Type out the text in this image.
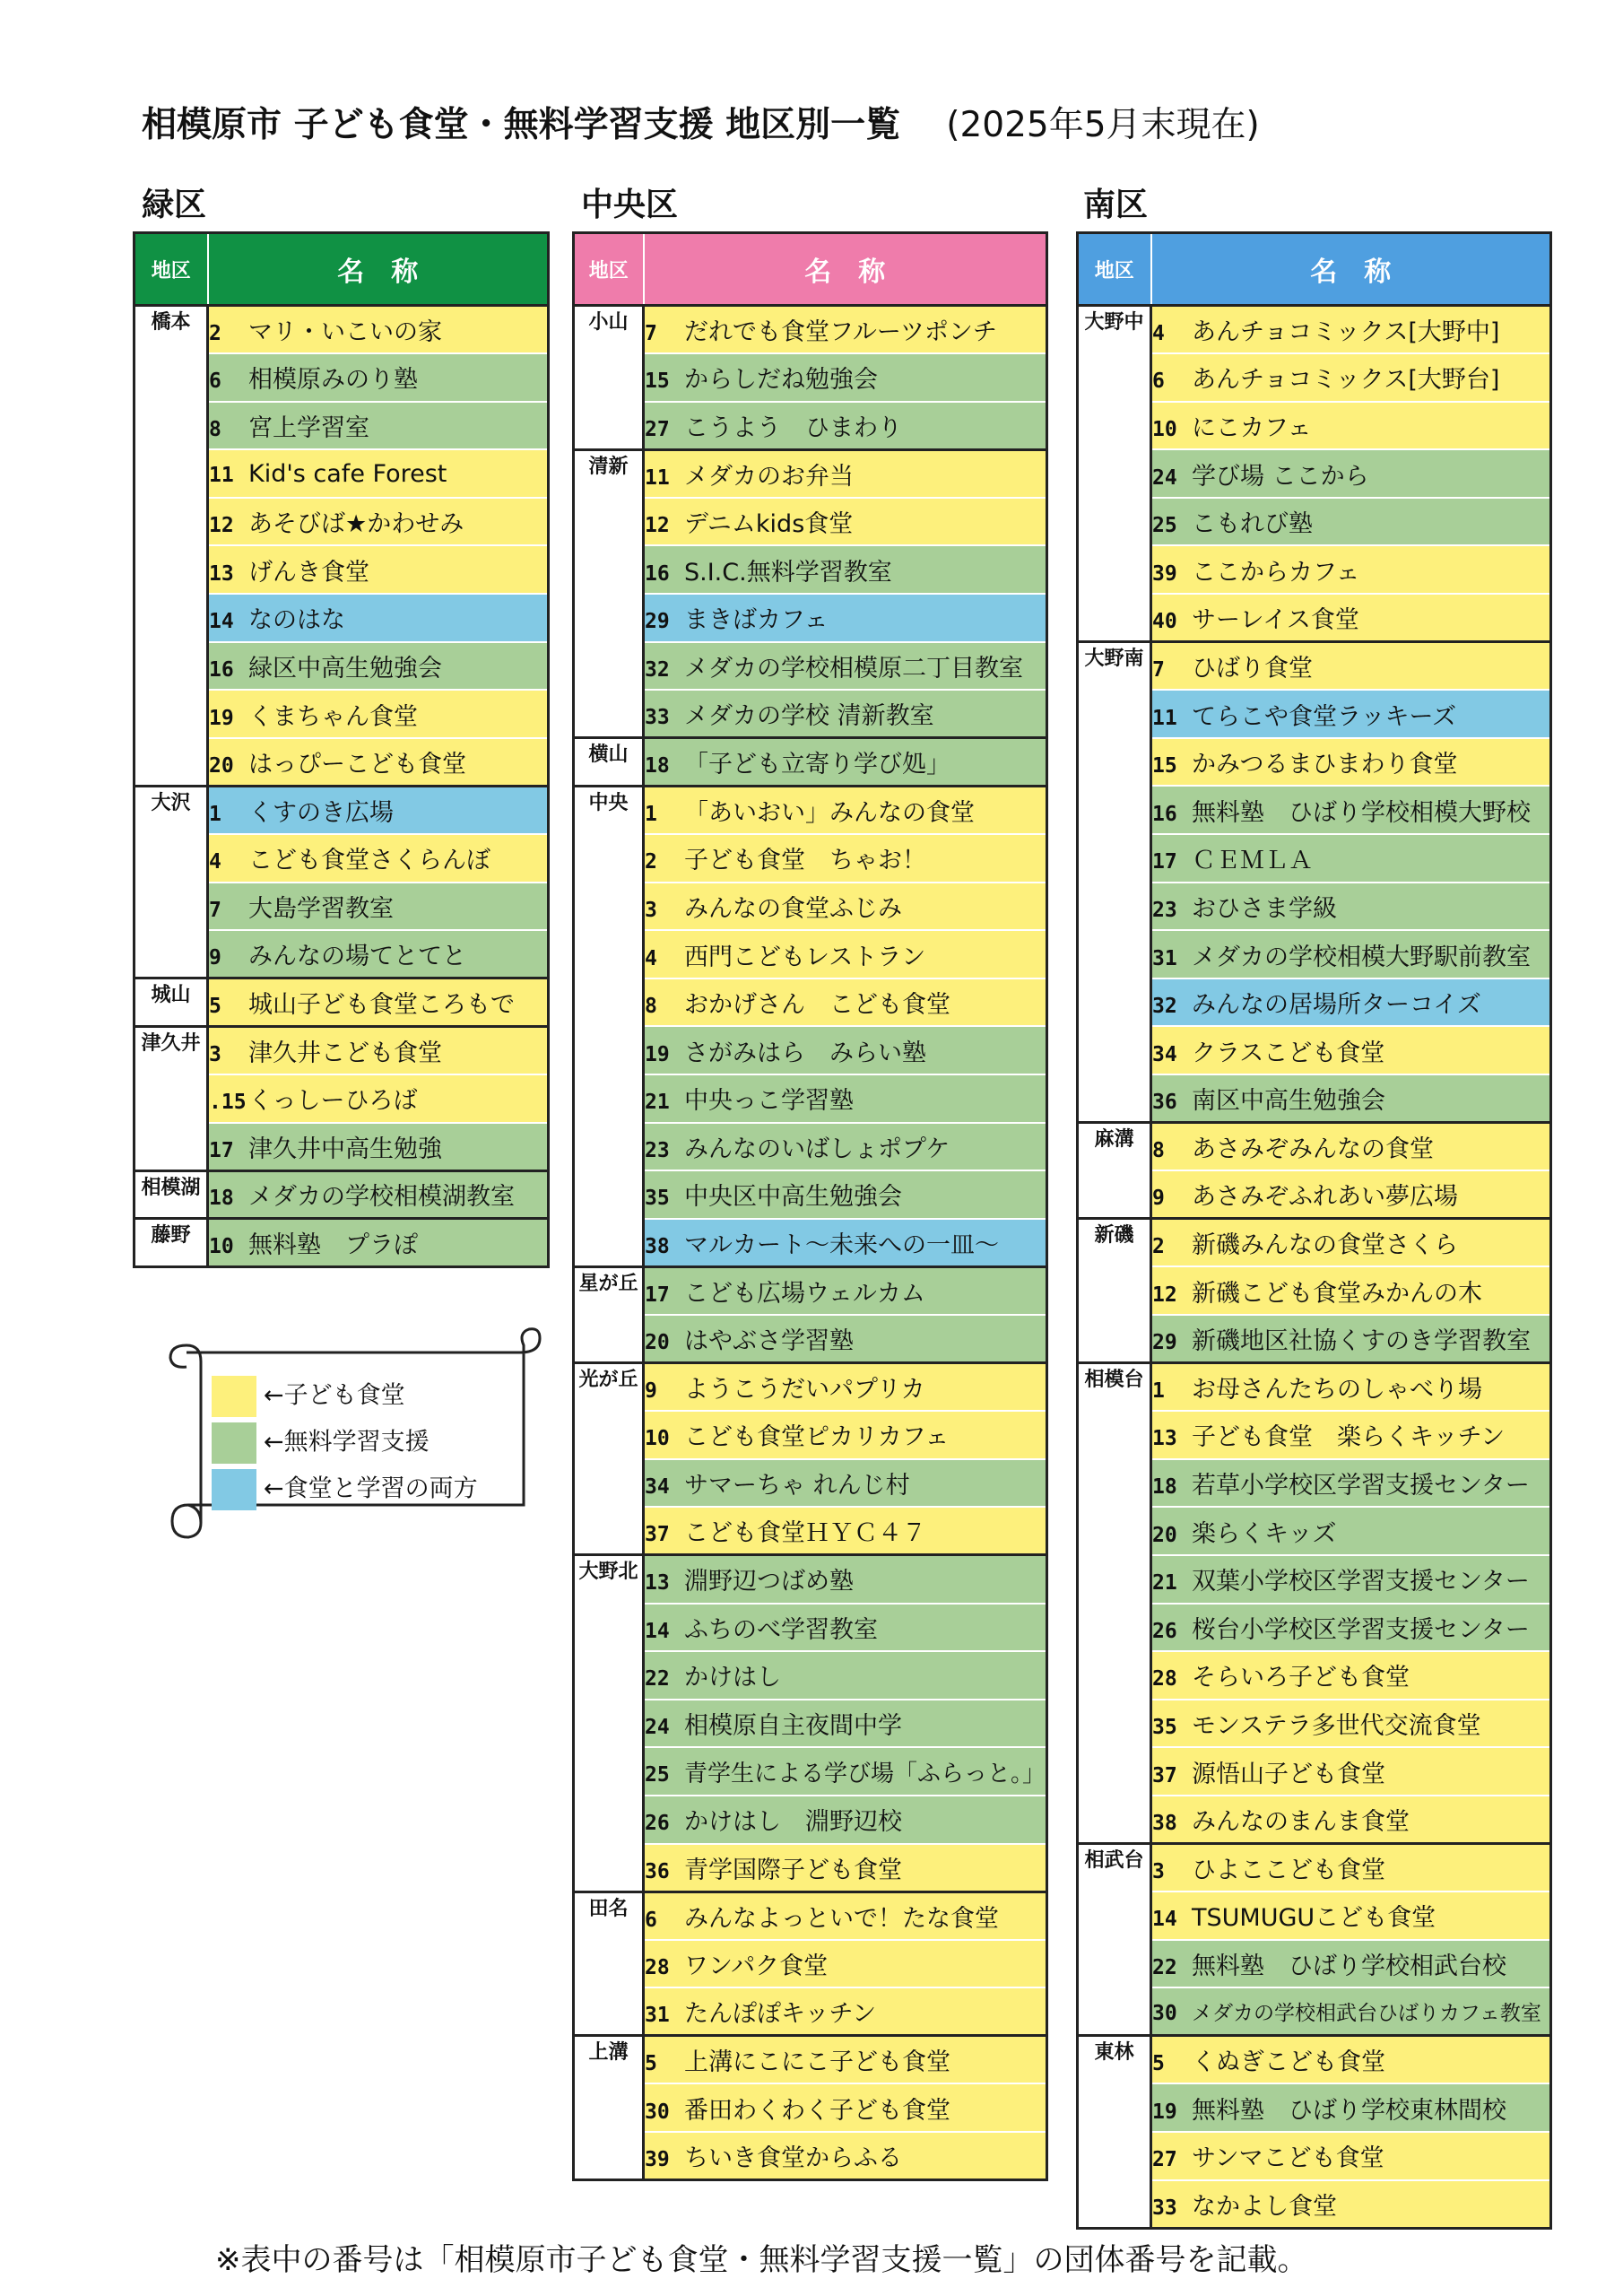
相模原市 子ども食堂・無料学習支援 地区別一覧 (2025年5月末現在)
緑区	中央区	南区
地区	名　称
橋本	2 マリ・いこいの家
	6 相模原みのり塾
	8 宮上学習室
	11 Kid's cafe Forest
	12 あそびば★かわせみ
	13 げんき食堂
	14 なのはな
	16 緑区中高生勉強会
	19 くまちゃん食堂
	20 はっぴーこども食堂
大沢	1 くすのき広場
	4 こども食堂さくらんぼ
	7 大島学習教室
	9 みんなの場てとてと
城山	5 城山子ども食堂ころもで
津久井	3 津久井こども食堂
	.15くっしーひろば
	17 津久井中高生勉強
相模湖	18 メダカの学校相模湖教室
藤野	10 無料塾　プラぽ
地区	名　称
小山	7 だれでも食堂フルーツポンチ
	15 からしだね勉強会
	27 こうよう　ひまわり
清新	11 メダカのお弁当
	12 デニムkids食堂
	16 S.I.C.無料学習教室
	29 まきばカフェ
	32 メダカの学校相模原二丁目教室
	33 メダカの学校 清新教室
横山	18 「子ども立寄り学び処」
中央	1 「あいおい」みんなの食堂
	2 子ども食堂　ちゃお！
	3 みんなの食堂ふじみ
	4 西門こどもレストラン
	8 おかげさん　こども食堂
	19 さがみはら　みらい塾
	21 中央っこ学習塾
	23 みんなのいばしょポプケ
	35 中央区中高生勉強会
	38 マルカート～未来への一皿～
星が丘	17 こども広場ウェルカム
	20 はやぶさ学習塾
光が丘	9 ようこうだいパプリカ
	10 こども食堂ピカリカフェ
	34 サマーちゃ れんじ村
	37 こども食堂ＨＹＣ４７
大野北	13 淵野辺つばめ塾
	14 ふちのべ学習教室
	22 かけはし
	24 相模原自主夜間中学
	25 青学生による学び場「ふらっと。」
	26 かけはし　淵野辺校
	36 青学国際子ども食堂
田名	6 みんなよっといで！たな食堂
	28 ワンパク食堂
	31 たんぽぽキッチン
上溝	5 上溝にこにこ子ども食堂
	30 番田わくわく子ども食堂
	39 ちいき食堂からふる
地区	名　称
大野中	4 あんチョコミックス[大野中]
	6 あんチョコミックス[大野台]
	10 にこカフェ
	24 学び場 ここから
	25 こもれび塾
	39 ここからカフェ
	40 サーレイス食堂
大野南	7 ひばり食堂
	11 てらこや食堂ラッキーズ
	15 かみつるまひまわり食堂
	16 無料塾　ひばり学校相模大野校
	17 ＣＥＭＬＡ
	23 おひさま学級
	31 メダカの学校相模大野駅前教室
	32 みんなの居場所ターコイズ
	34 クラスこども食堂
	36 南区中高生勉強会
麻溝	8 あさみぞみんなの食堂
	9 あさみぞふれあい夢広場
新磯	2 新磯みんなの食堂さくら
	12 新磯こども食堂みかんの木
	29 新磯地区社協くすのき学習教室
相模台	1 お母さんたちのしゃべり場
	13 子ども食堂　楽らくキッチン
	18 若草小学校区学習支援センター
	20 楽らくキッズ
	21 双葉小学校区学習支援センター
	26 桜台小学校区学習支援センター
	28 そらいろ子ども食堂
	35 モンステラ多世代交流食堂
	37 源悟山子ども食堂
	38 みんなのまんま食堂
相武台	3 ひよここども食堂
	14 TSUMUGUこども食堂
	22 無料塾　ひばり学校相武台校
	30 メダカの学校相武台ひばりカフェ教室
東林	5 くぬぎこども食堂
	19 無料塾　ひばり学校東林間校
	27 サンマこども食堂
	33 なかよし食堂
←子ども食堂
←無料学習支援
←食堂と学習の両方
※表中の番号は「相模原市子ども食堂・無料学習支援一覧」の団体番号を記載。
